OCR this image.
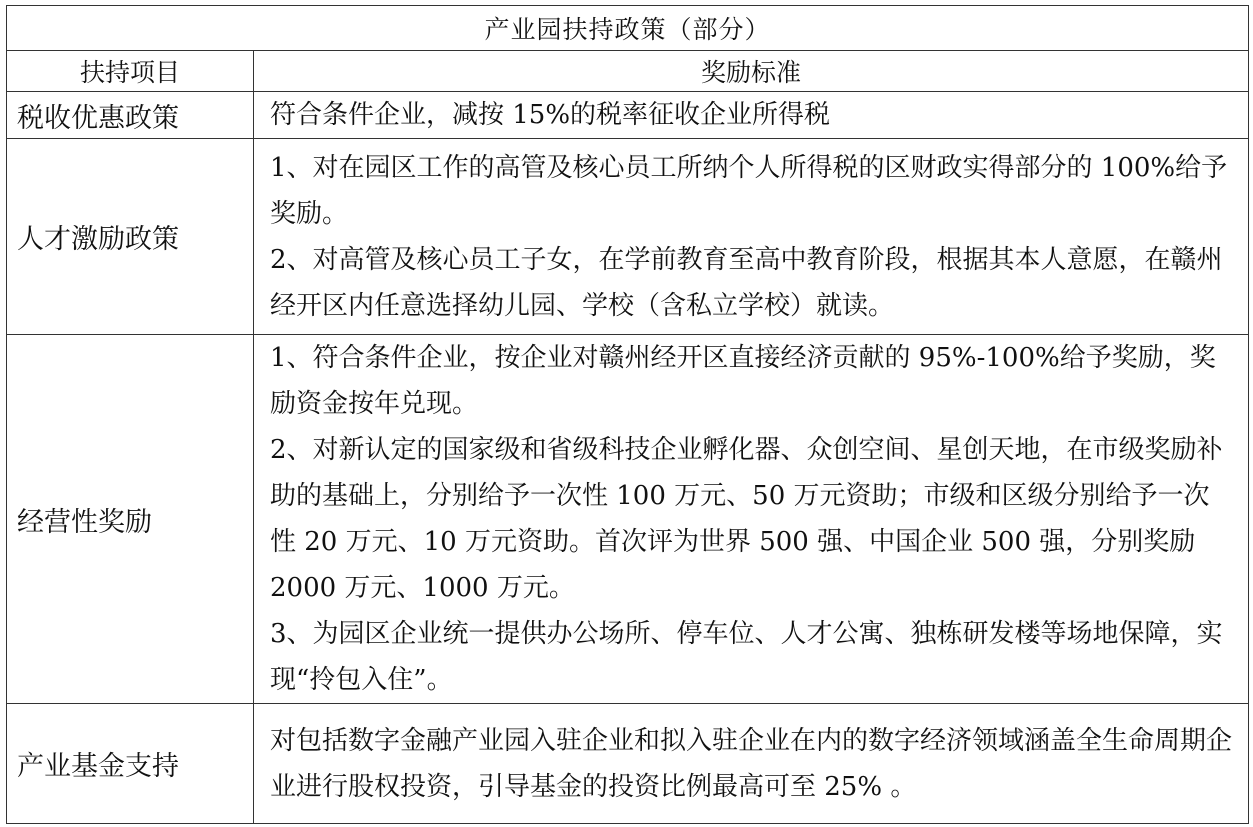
产业园扶持政策（部分）	
扶持项目	奖励标准
税收优惠政策	符合条件企业，减按 15%的税率征收企业所得税

人才激励政策	1、对在园区工作的高管及核心员工所纳个人所得税的区财政实得部分的 100%给予奖励。

2、对高管及核心员工子女，在学前教育至高中教育阶段，根据其本人意愿，在赣州经开区内任意选择幼儿园、学校（含私立学校）就读。

经营性奖励	1、符合条件企业，按企业对赣州经开区直接经济贡献的 95%-100%给予奖励，奖励资金按年兑现。

2、对新认定的国家级和省级科技企业孵化器、众创空间、星创天地，在市级奖励补助的基础上，分别给予一次性 100 万元、50 万元资助；市级和区级分别给予一次性 20 万元、10 万元资助。首次评为世界 500 强、中国企业 500 强，分别奖励 2000 万元、1000 万元。

3、为园区企业统一提供办公场所、停车位、人才公寓、独栋研发楼等场地保障，实现“拎包入住”。

产业基金支持	对包括数字金融产业园入驻企业和拟入驻企业在内的数字经济领域涵盖全生命周期企业进行股权投资，引导基金的投资比例最高可至 25% 。
